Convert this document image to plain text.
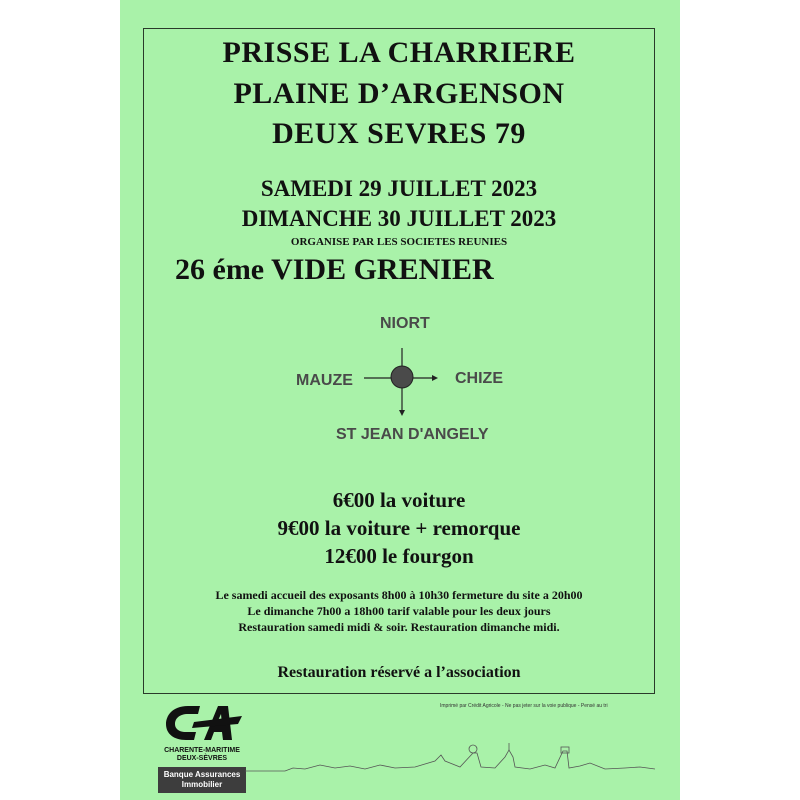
PRISSE LA CHARRIERE
PLAINE D’ARGENSON
DEUX SEVRES 79
SAMEDI 29 JUILLET 2023
DIMANCHE 30 JUILLET 2023
ORGANISE PAR LES SOCIETES REUNIES
26 éme VIDE GRENIER
NIORT
MAUZE	CHIZE
ST JEAN D'ANGELY
6€00 la voiture
9€00 la voiture + remorque
12€00 le fourgon
Le samedi accueil des exposants 8h00 à 10h30 fermeture du site a 20h00
Le dimanche 7h00 a 18h00 tarif valable pour les deux jours
Restauration samedi midi & soir. Restauration dimanche midi.
Restauration réservé a l’association
Imprimé par Crédit Agricole - Ne pas jeter sur la voie publique - Pensé au tri
CHARENTE-MARITIME
DEUX-SÈVRES
Banque Assurances
Immobilier
